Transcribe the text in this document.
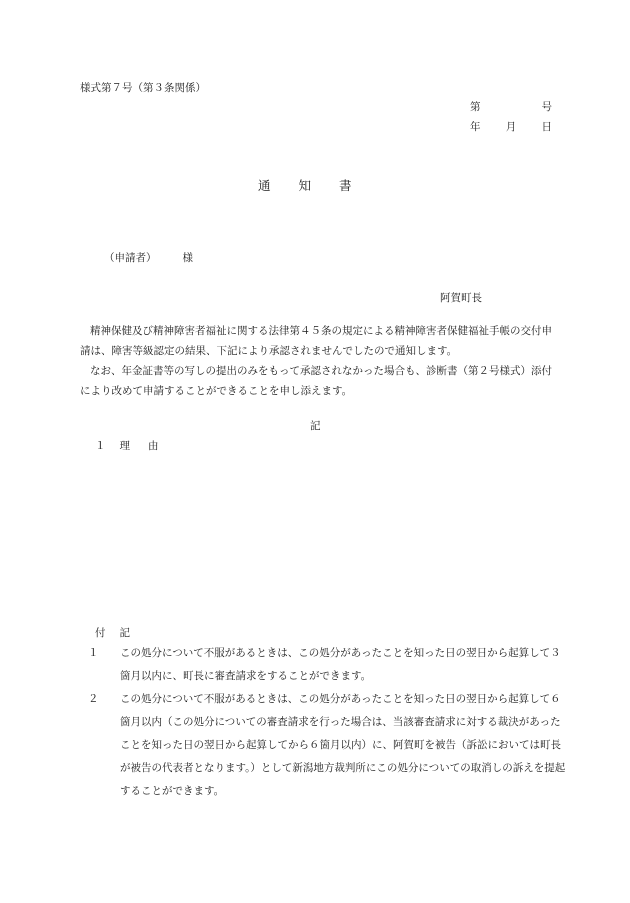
様式第７号（第３条関係）
第	号
年 月 日
通知書
（申請者） 様
阿賀町長
精神保健及び精神障害者福祉に関する法律第４５条の規定による精神障害者保健福祉手帳の交付申請は、障害等級認定の結果、下記により承認されませんでしたので通知します。
なお、年金証書等の写しの提出のみをもって承認されなかった場合も、診断書（第２号様式）添付により改めて申請することができることを申し添えます。
記
１ 理由
付記
１ この処分について不服があるときは、この処分があったことを知った日の翌日から起算して３箇月以内に、町長に審査請求をすることができます。
２ この処分について不服があるときは、この処分があったことを知った日の翌日から起算して６箇月以内（この処分についての審査請求を行った場合は、当該審査請求に対する裁決があったことを知った日の翌日から起算してから６箇月以内）に、阿賀町を被告（訴訟においては町長が被告の代表者となります。）として新潟地方裁判所にこの処分についての取消しの訴えを提起することができます。
